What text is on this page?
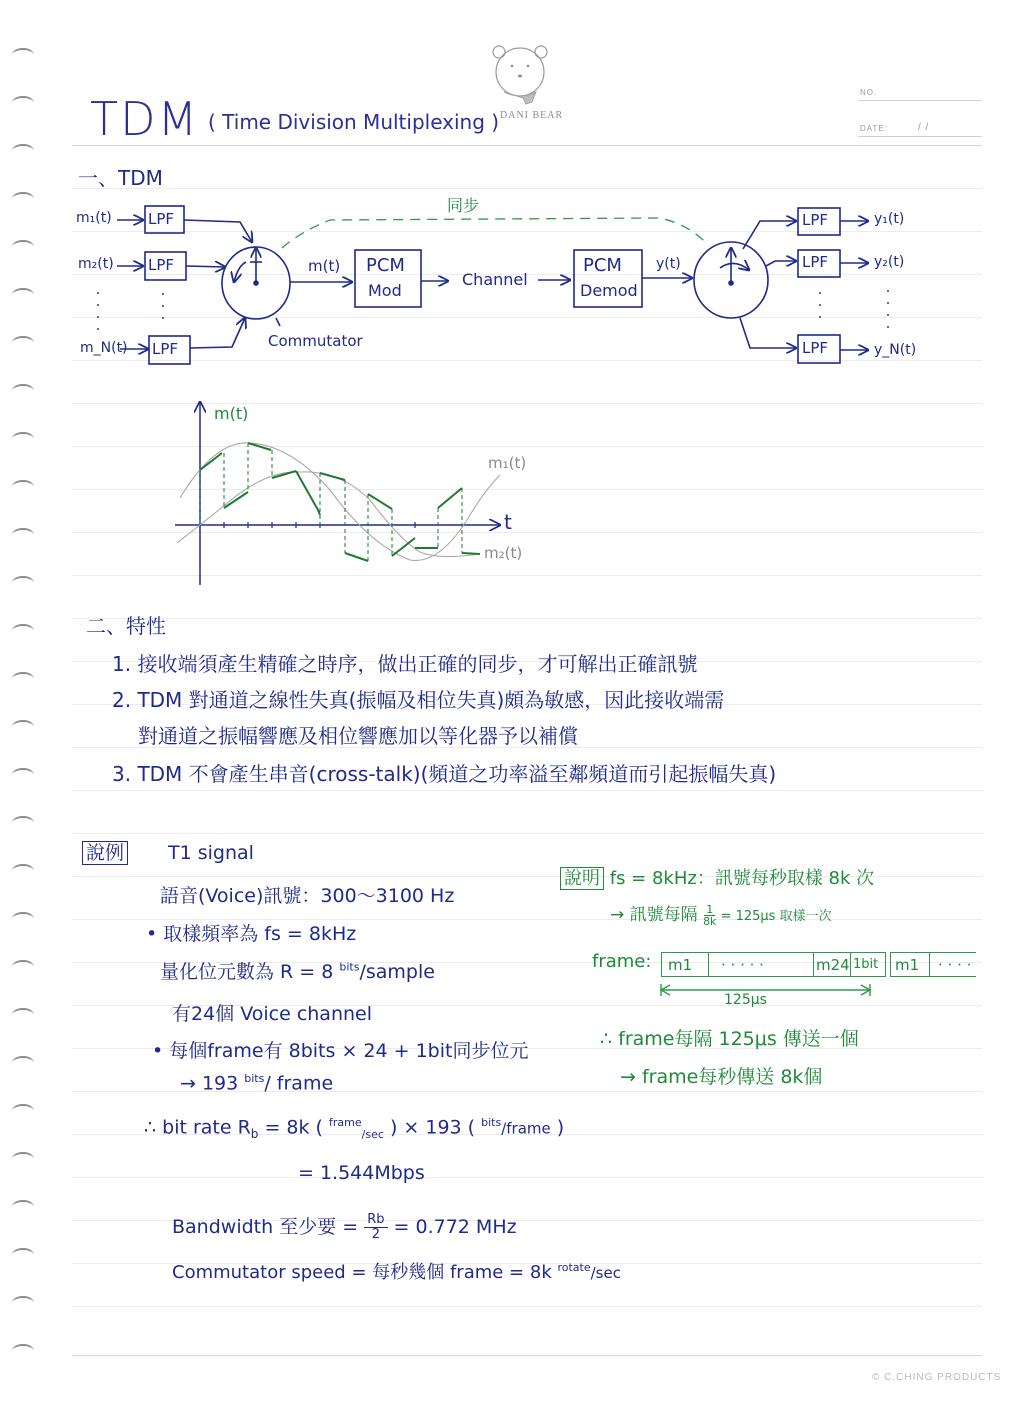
TDM ( Time Division Multiplexing ) DANI BEAR
NO.
DATE:	/ /
一、TDM
m₁(t)
m₂(t)
m_N(t)
LPF
LPF
LPF	Commutator
m(t) PCM
Mod
Channel
PCM
Demod
y(t)
同步
LPF
LPF
LPF
y₁(t)
y₂(t)
y_N(t)
m(t)
t
m₁(t)
m₂(t)
二、特性
1. 接收端須產生精確之時序，做出正確的同步，才可解出正確訊號
2. TDM 對通道之線性失真(振幅及相位失真)頗為敏感，因此接收端需
對通道之振幅響應及相位響應加以等化器予以補償
3. TDM 不會產生串音(cross-talk)(頻道之功率溢至鄰頻道而引起振幅失真)
說例 T1 signal
語音(Voice)訊號：300～3100 Hz
• 取樣頻率為 fs = 8kHz
量化位元數為 R = 8 $^{bits}$/sample
有24個 Voice channel
• 每個frame有 8bits × 24 + 1bit同步位元
→ 193 $^{bits}$/ frame
∴ bit rate $R_b = 8k$ ( $^{frame}_{/sec}$ ) × 193 ( $^{bits}$/frame )
= 1.544Mbps
Bandwidth 至少要 = $\frac{Rb}{2} = 0.772$ MHz
Commutator speed = 每秒幾個 frame = 8k $^{rotate}$/sec
說明 fs = 8kHz：訊號每秒取樣 8k 次
→ 訊號每隔 $\frac{1}{8k} = 125\mu s$ 取樣一次
frame:	m1	· · · · ·	m24 1bit	m1	· · · ·
125μs
∴ frame每隔 125μs 傳送一個
→ frame每秒傳送 8k個
© C.CHING PRODUCTS
